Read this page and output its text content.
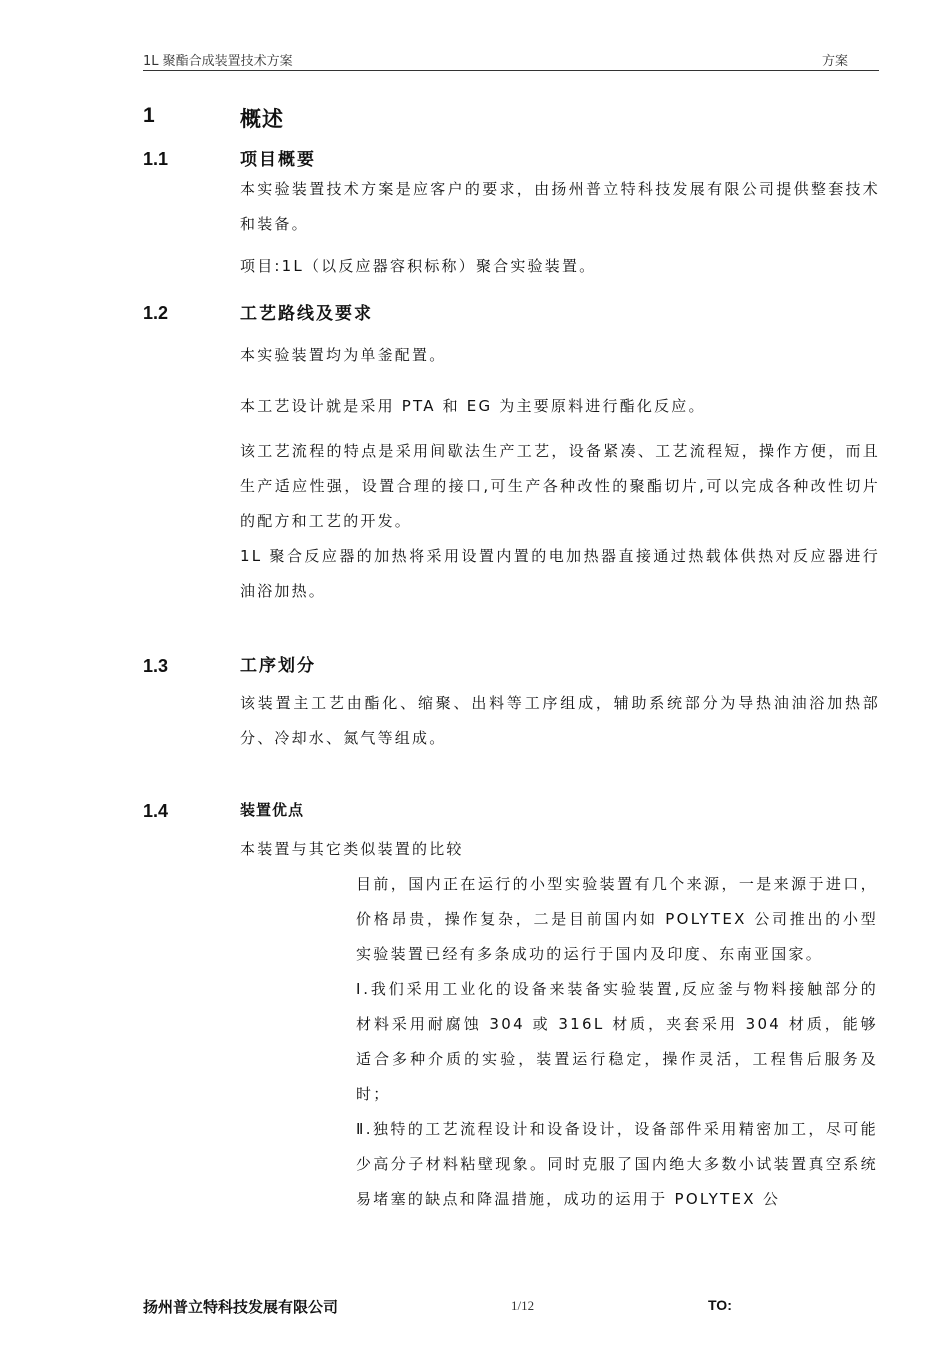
1L 聚酯合成装置技术方案	方案
1	概述
1.1	项目概要

本实验装置技术方案是应客户的要求，由扬州普立特科技发展有限公司提供整套技术和装备。

项目:1L（以反应器容积标称）聚合实验装置。

1.2	工艺路线及要求

本实验装置均为单釜配置。

本工艺设计就是采用 PTA 和 EG 为主要原料进行酯化反应。

该工艺流程的特点是采用间歇法生产工艺，设备紧凑、工艺流程短，操作方便，而且生产适应性强，设置合理的接口,可生产各种改性的聚酯切片,可以完成各种改性切片的配方和工艺的开发。

1L 聚合反应器的加热将采用设置内置的电加热器直接通过热载体供热对反应器进行油浴加热。

1.3	工序划分

该装置主工艺由酯化、缩聚、出料等工序组成，辅助系统部分为导热油油浴加热部分、冷却水、氮气等组成。

1.4	装置优点

本装置与其它类似装置的比较

目前，国内正在运行的小型实验装置有几个来源，一是来源于进口，价格昂贵，操作复杂，二是目前国内如 POLYTEX 公司推出的小型实验装置已经有多条成功的运行于国内及印度、东南亚国家。

Ⅰ.我们采用工业化的设备来装备实验装置,反应釜与物料接触部分的材料采用耐腐蚀 304 或 316L 材质，夹套采用 304 材质，能够适合多种介质的实验，装置运行稳定，操作灵活，工程售后服务及时；

Ⅱ.独特的工艺流程设计和设备设计，设备部件采用精密加工，尽可能少高分子材料粘壁现象。同时克服了国内绝大多数小试装置真空系统易堵塞的缺点和降温措施，成功的运用于 POLYTEX 公

扬州普立特科技发展有限公司	1/12	TO:
